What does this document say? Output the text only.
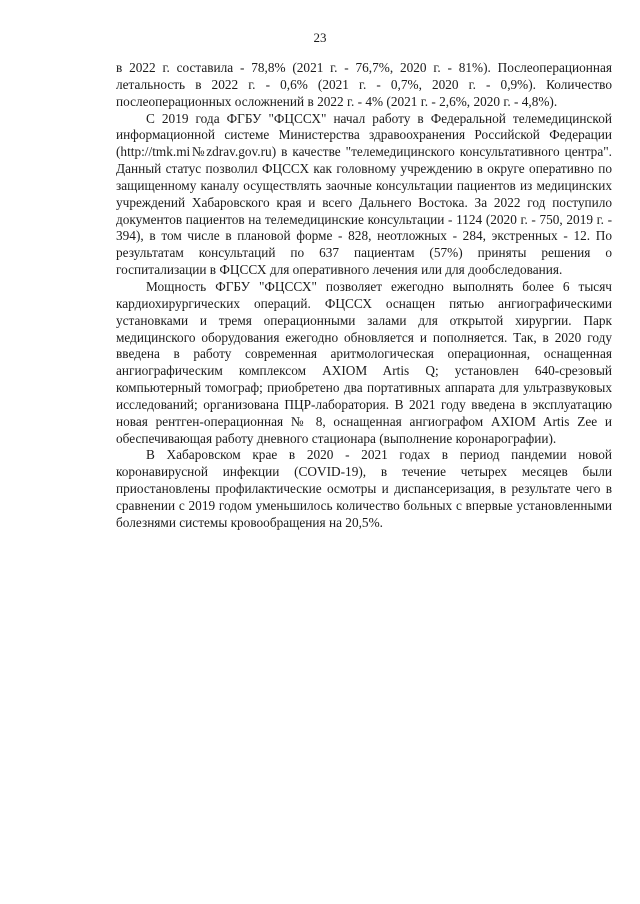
23

в 2022 г. составила - 78,8% (2021 г. - 76,7%, 2020 г. - 81%). Послеоперационная летальность в 2022 г. - 0,6% (2021 г. - 0,7%, 2020 г. - 0,9%). Количество послеоперационных осложнений в 2022 г. - 4% (2021 г. - 2,6%, 2020 г. - 4,8%).

С 2019 года ФГБУ "ФЦССХ" начал работу в Федеральной телемедицинской информационной системе Министерства здравоохранения Российской Федерации (http://tmk.mi№zdrav.gov.ru) в качестве "телемедицинского консультативного центра". Данный статус позволил ФЦССХ как головному учреждению в округе оперативно по защищенному каналу осуществлять заочные консультации пациентов из медицинских учреждений Хабаровского края и всего Дальнего Востока. За 2022 год поступило документов пациентов на телемедицинские консультации - 1124 (2020 г. - 750, 2019 г. - 394), в том числе в плановой форме - 828, неотложных - 284, экстренных - 12. По результатам консультаций по 637 пациентам (57%) приняты решения о госпитализации в ФЦССХ для оперативного лечения или для дообследования.

Мощность ФГБУ "ФЦССХ" позволяет ежегодно выполнять более 6 тысяч кардиохирургических операций. ФЦССХ оснащен пятью ангиографическими установками и тремя операционными залами для открытой хирургии. Парк медицинского оборудования ежегодно обновляется и пополняется. Так, в 2020 году введена в работу современная аритмологическая операционная, оснащенная ангиографическим комплексом AXIOM Artis Q; установлен 640-срезовый компьютерный томограф; приобретено два портативных аппарата для ультразвуковых исследований; организована ПЦР-лаборатория. В 2021 году введена в эксплуатацию новая рентген-операционная № 8, оснащенная ангиографом AXIOM Artis Zee и обеспечивающая работу дневного стационара (выполнение коронарографии).

В Хабаровском крае в 2020 - 2021 годах в период пандемии новой коронавирусной инфекции (COVID-19), в течение четырех месяцев были приостановлены профилактические осмотры и диспансеризация, в результате чего в сравнении с 2019 годом уменьшилось количество больных с впервые установленными болезнями системы кровообращения на 20,5%.
